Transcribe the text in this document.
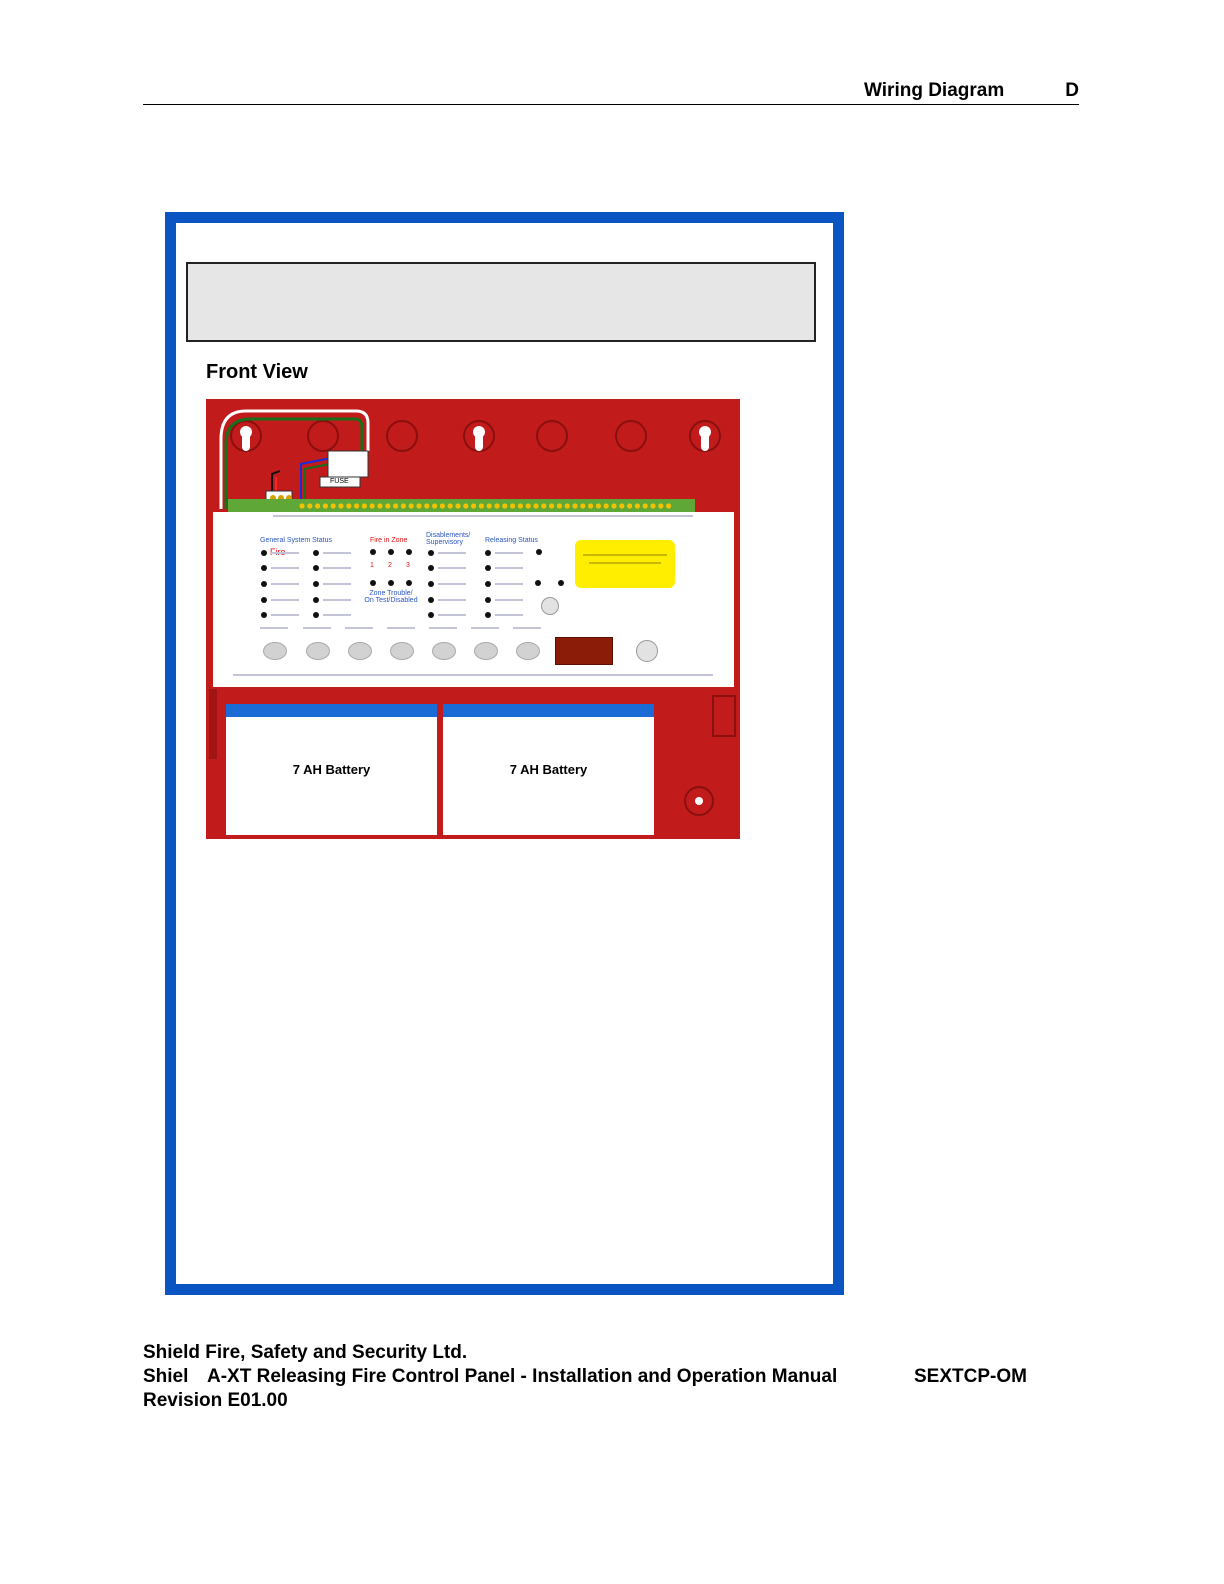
Wiring Diagram	D
Front View
FUSE
General System Status	Fire in Zone
Disablements/ Supervisory	Releasing Status
1 2 3
Zone Trouble/ On Test/Disabled
7 AH Battery	7 AH Battery
Shield Fire, Safety and Security Ltd.
Shiel A-XT Releasing Fire Control Panel - Installation and Operation Manual	SEXTCP-OM
Revision E01.00
